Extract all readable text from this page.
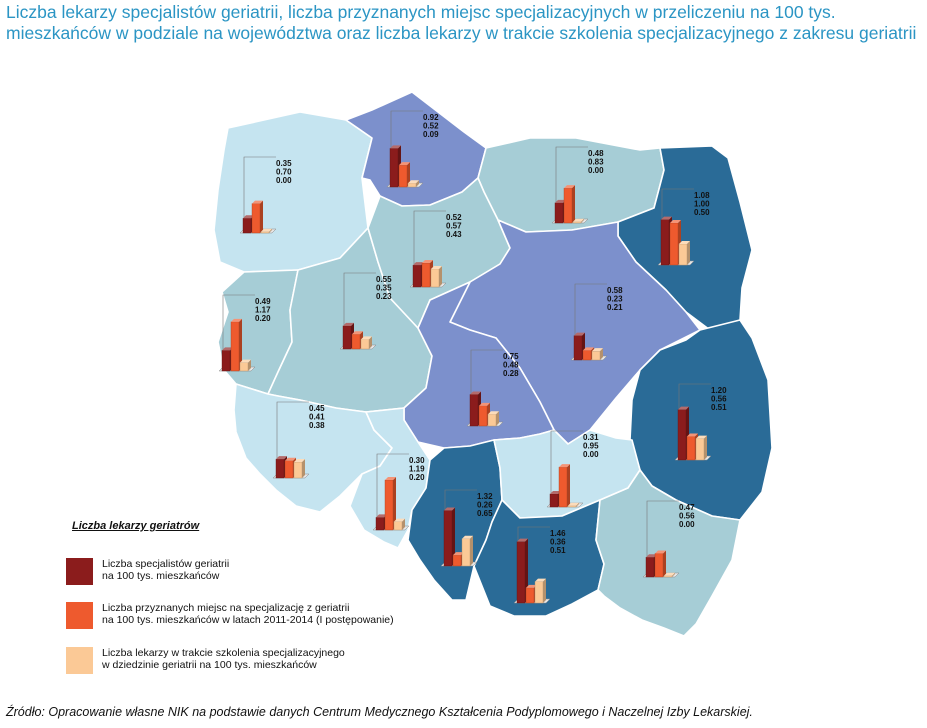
Liczba lekarzy specjalistów geriatrii, liczba przyznanych miejsc specjalizacyjnych w przeliczeniu na 100 tys. mieszkańców w podziale na województwa oraz liczba lekarzy w trakcie szkolenia specjalizacyjnego z zakresu geriatrii
0.35
0.70
0.00
0.92
0.52
0.09
0.48
0.83
0.00
1.08
1.00
0.50
0.49
1.17
0.20
0.55
0.35
0.23
0.52
0.57
0.43
0.58
0.23
0.21
0.75
0.48
0.28
1.20
0.56
0.51
0.45
0.41
0.38
0.30
1.19
0.20
1.32
0.26
0.65
0.31
0.95
0.00
1.46
0.36
0.51
0.47
0.56
0.00

Liczba lekarzy geriatrów

Liczba specjalistów geriatrii
na 100 tys. mieszkańców
Liczba przyznanych miejsc na specjalizację z geriatrii
na 100 tys. mieszkańców w latach 2011-2014 (I postępowanie)
Liczba lekarzy w trakcie szkolenia specjalizacyjnego
w dziedzinie geriatrii na 100 tys. mieszkańców

Źródło: Opracowanie własne NIK na podstawie danych Centrum Medycznego Kształcenia Podyplomowego i Naczelnej Izby Lekarskiej.
